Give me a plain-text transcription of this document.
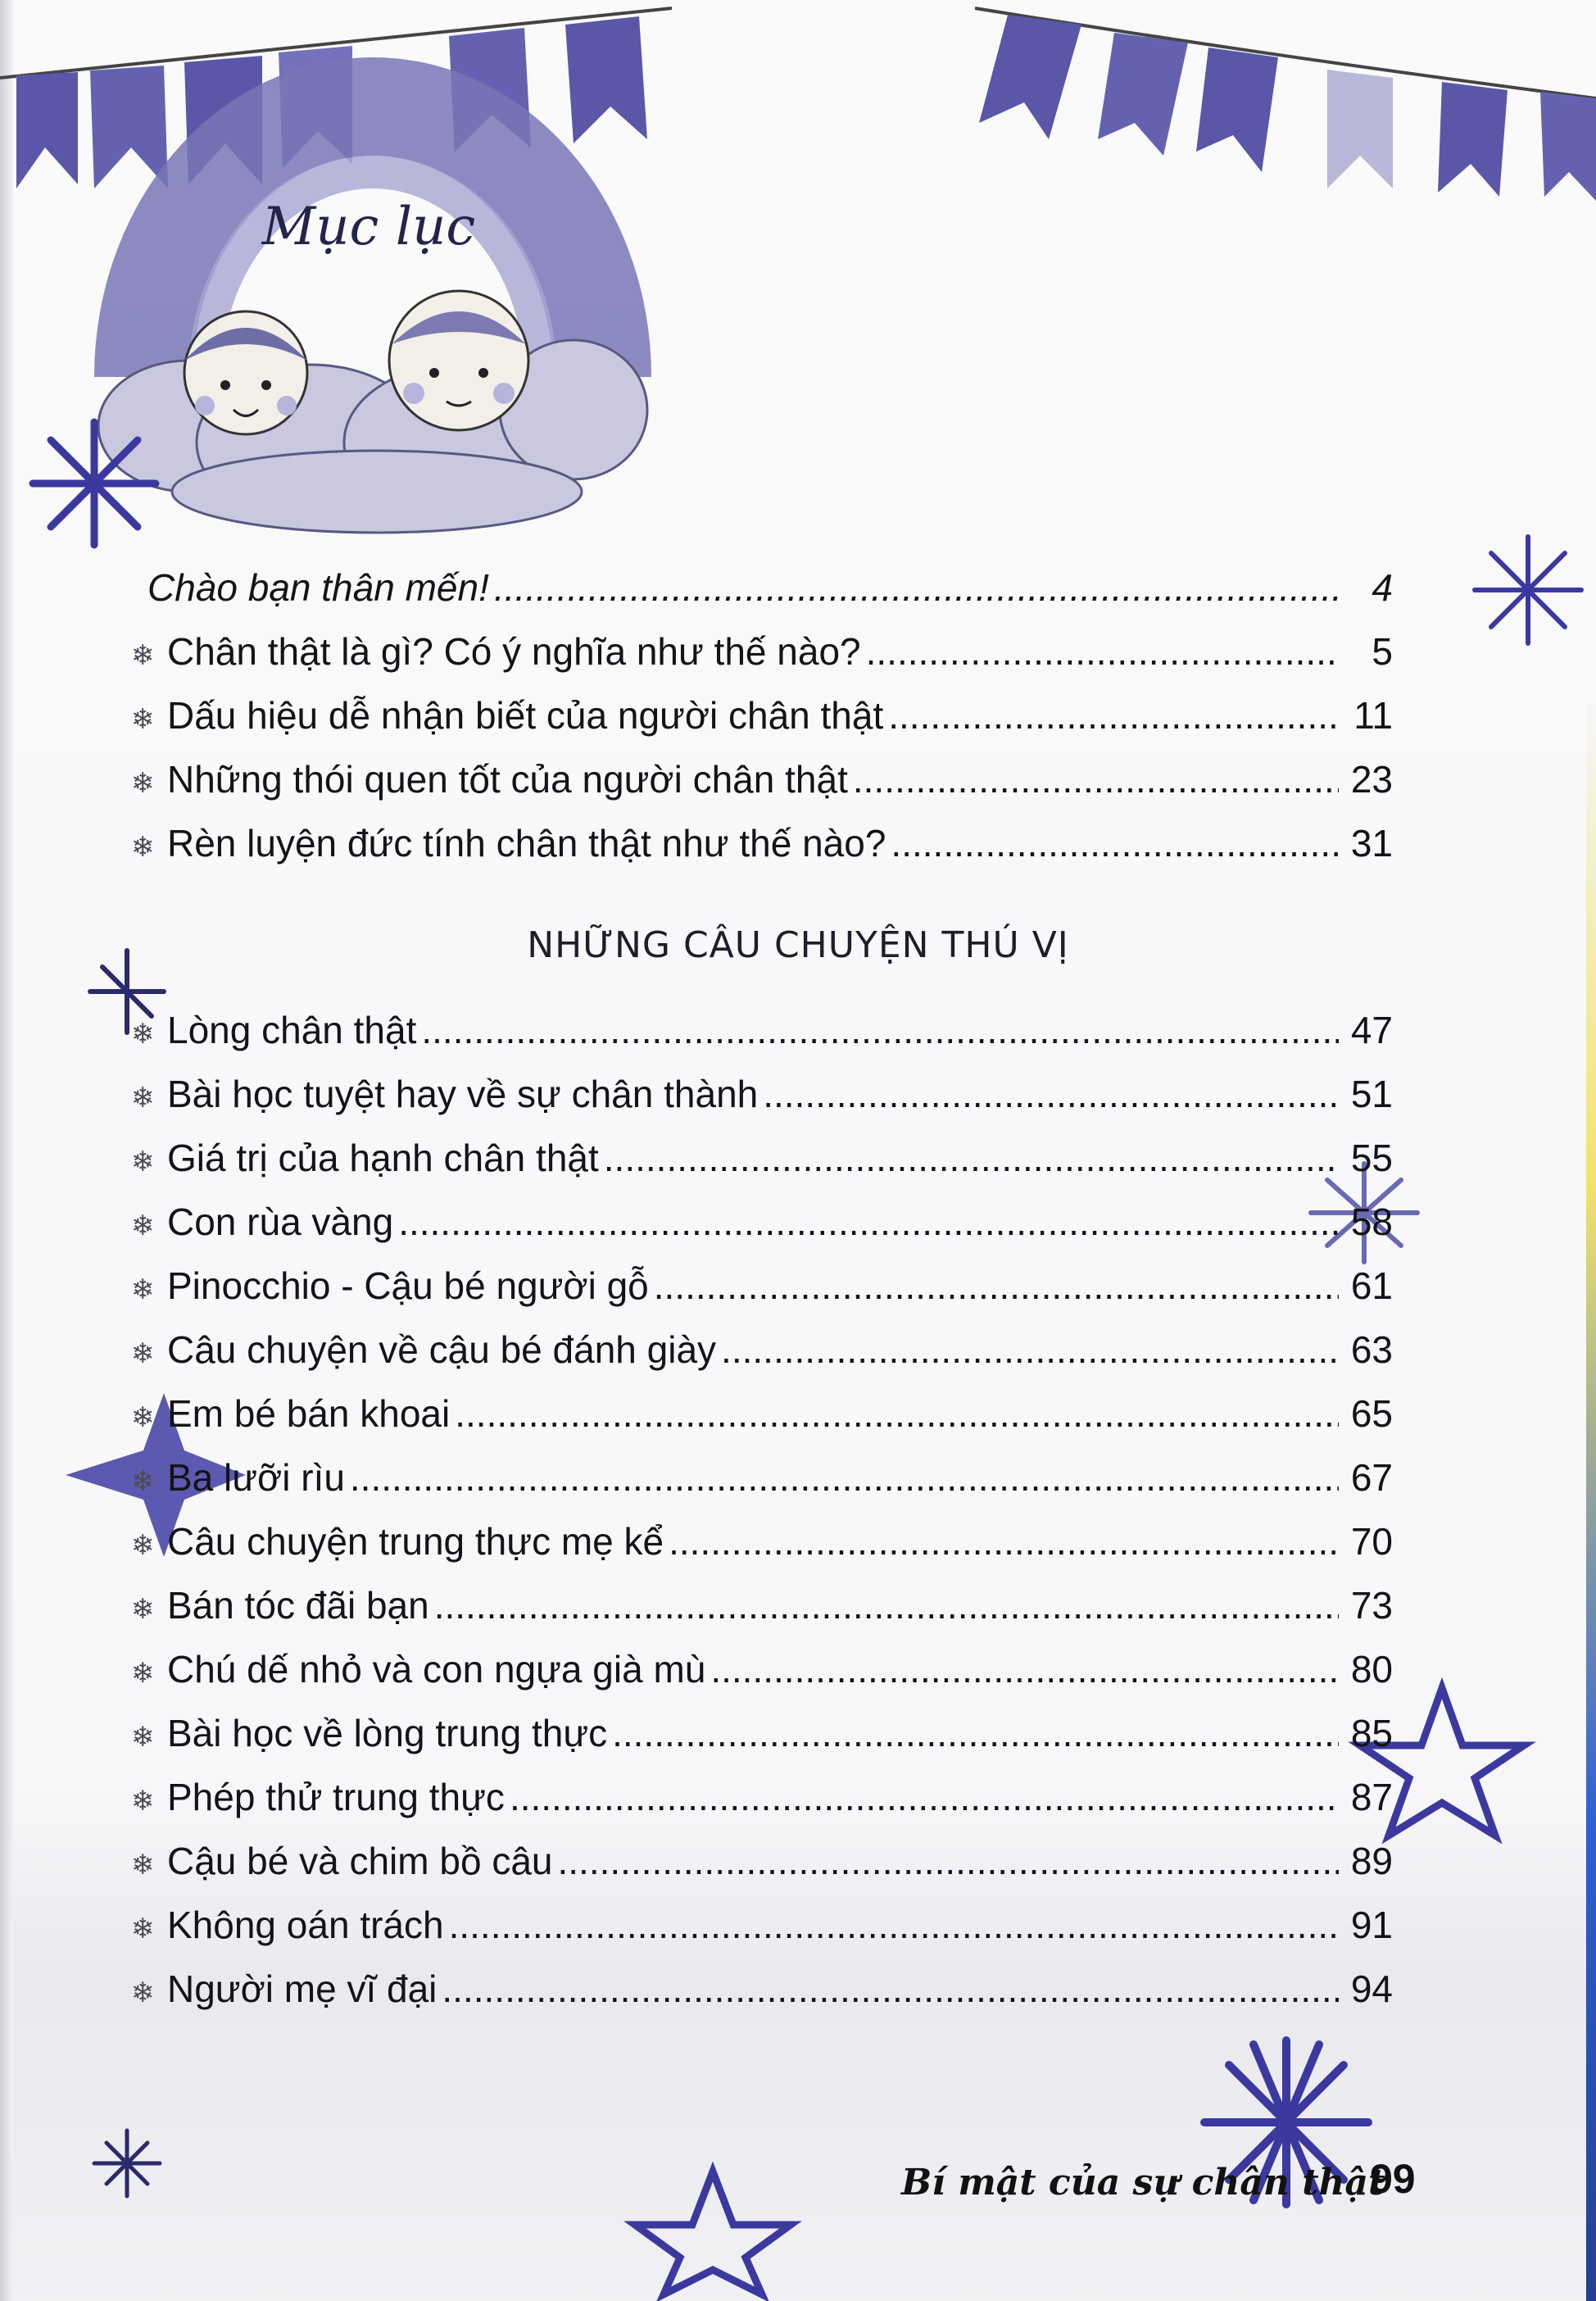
Mục lục
Chào bạn thân mến! .....	4
❄ Chân thật là gì? Có ý nghĩa như thế nào? .....	5
❄ Dấu hiệu dễ nhận biết của người chân thật .....	11
❄ Những thói quen tốt của người chân thật .....	23
❄ Rèn luyện đức tính chân thật như thế nào? .....	31
NHỮNG CÂU CHUYỆN THÚ VỊ
❄ Lòng chân thật .....	47
❄ Bài học tuyệt hay về sự chân thành .....	51
❄ Giá trị của hạnh chân thật .....	55
❄ Con rùa vàng .....	58
❄ Pinocchio - Cậu bé người gỗ .....	61
❄ Câu chuyện về cậu bé đánh giày .....	63
❄ Em bé bán khoai .....	65
❄ Ba lưỡi rìu .....	67
❄ Câu chuyện trung thực mẹ kể .....	70
❄ Bán tóc đãi bạn .....	73
❄ Chú dế nhỏ và con ngựa già mù .....	80
❄ Bài học về lòng trung thực .....	85
❄ Phép thử trung thực .....	87
❄ Cậu bé và chim bồ câu .....	89
❄ Không oán trách .....	91
❄ Người mẹ vĩ đại .....	94
Bí mật của sự chân thật
99
